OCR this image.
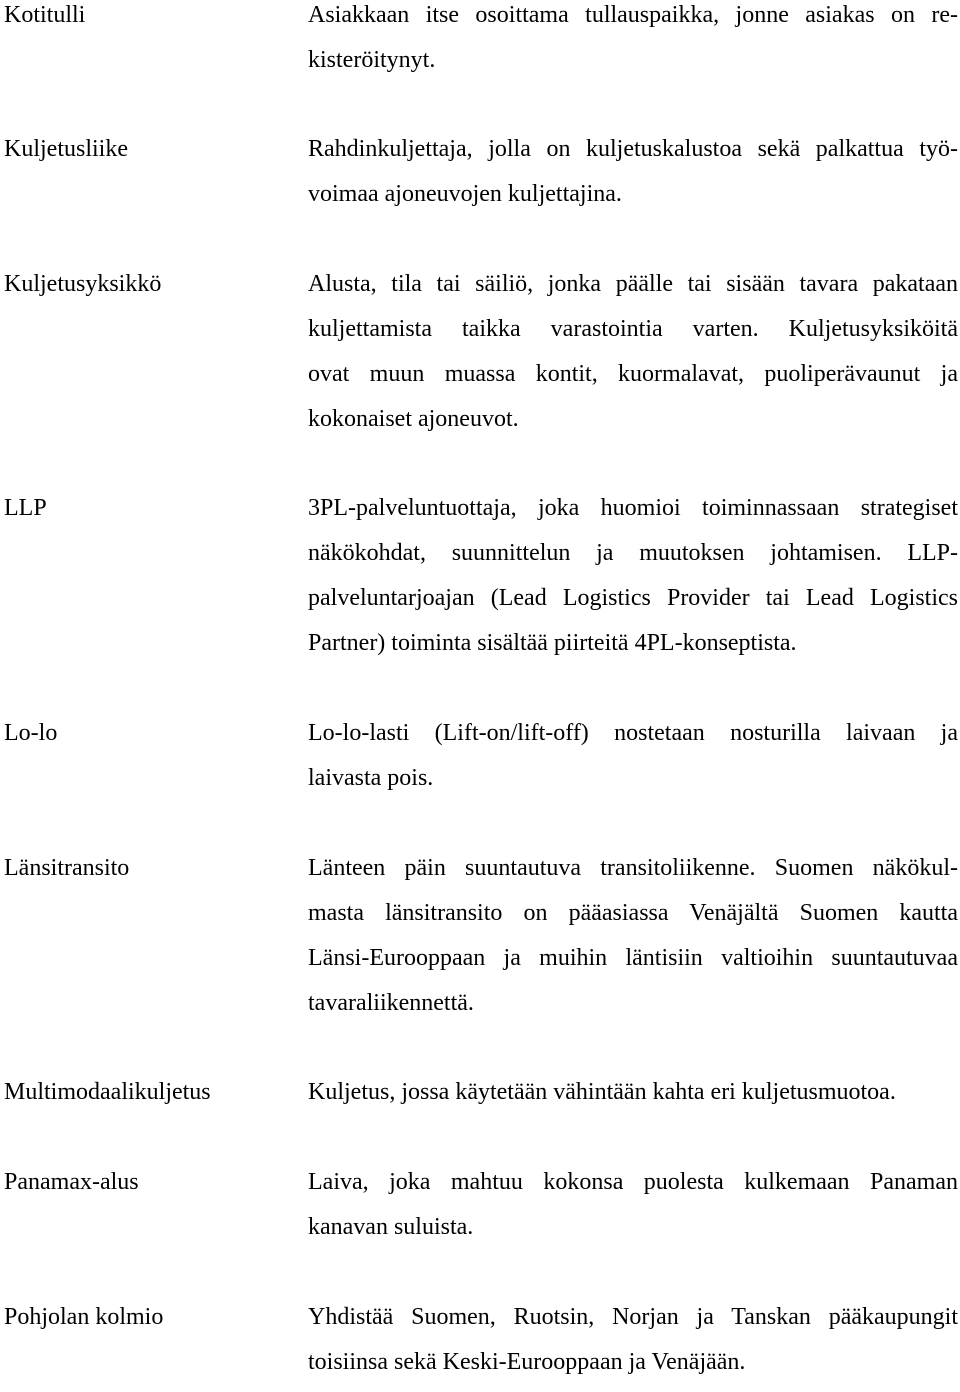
Kotitulli	Asiakkaan itse osoittama tullauspaikka, jonne asiakas on re-
kisteröitynyt.
Kuljetusliike	Rahdinkuljettaja, jolla on kuljetuskalustoa sekä palkattua työ-
voimaa ajoneuvojen kuljettajina.
Kuljetusyksikkö	Alusta, tila tai säiliö, jonka päälle tai sisään tavara pakataan
kuljettamista taikka varastointia varten. Kuljetusyksiköitä
ovat muun muassa kontit, kuormalavat, puoliperävaunut ja
kokonaiset ajoneuvot.
LLP	3PL-palveluntuottaja, joka huomioi toiminnassaan strategiset
näkökohdat, suunnittelun ja muutoksen johtamisen. LLP-
palveluntarjoajan (Lead Logistics Provider tai Lead Logistics
Partner) toiminta sisältää piirteitä 4PL-konseptista.
Lo-lo	Lo-lo-lasti (Lift-on/lift-off) nostetaan nosturilla laivaan ja
laivasta pois.
Länsitransito	Länteen päin suuntautuva transitoliikenne. Suomen näkökul-
masta länsitransito on pääasiassa Venäjältä Suomen kautta
Länsi-Eurooppaan ja muihin läntisiin valtioihin suuntautuvaa
tavaraliikennettä.
Multimodaalikuljetus	Kuljetus, jossa käytetään vähintään kahta eri kuljetusmuotoa.
Panamax-alus	Laiva, joka mahtuu kokonsa puolesta kulkemaan Panaman
kanavan suluista.
Pohjolan kolmio	Yhdistää Suomen, Ruotsin, Norjan ja Tanskan pääkaupungit
toisiinsa sekä Keski-Eurooppaan ja Venäjään.
